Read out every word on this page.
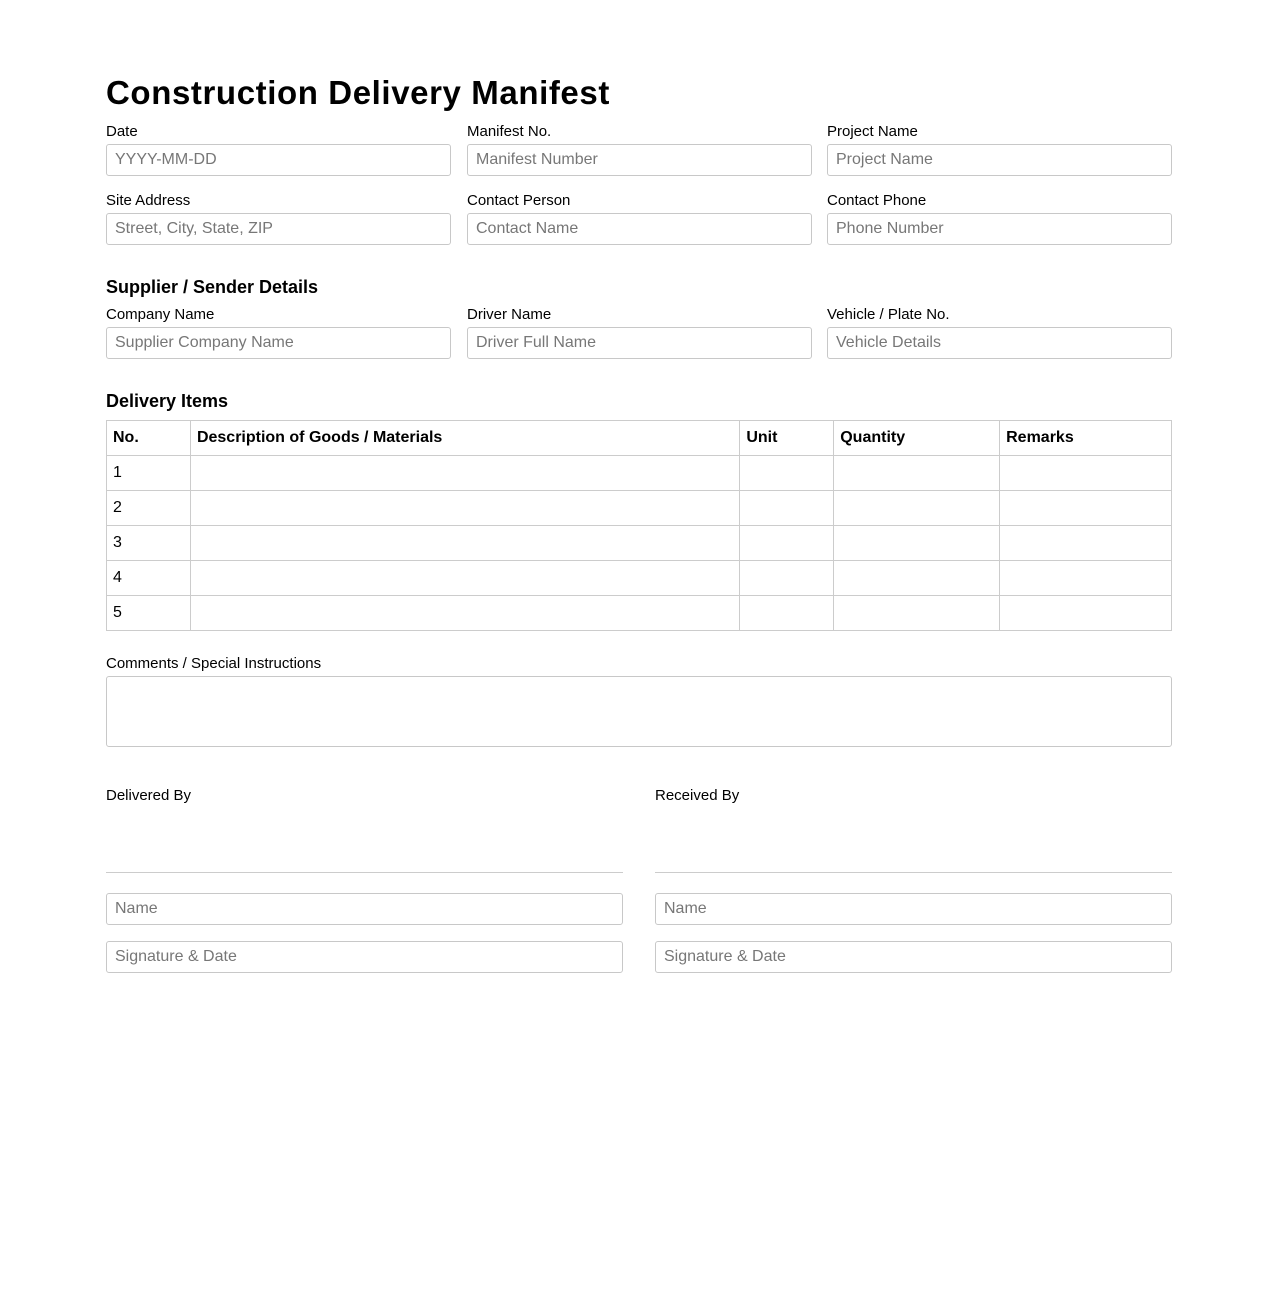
Construction Delivery Manifest
Date
YYYY-MM-DD
Manifest No.
Manifest Number
Project Name
Project Name
Site Address
Street, City, State, ZIP
Contact Person
Contact Name
Contact Phone
Phone Number
Supplier / Sender Details
Company Name
Supplier Company Name
Driver Name
Driver Full Name
Vehicle / Plate No.
Vehicle Details
Delivery Items
No.	Description of Goods / Materials	Unit	Quantity	Remarks
1				
2				
3				
4				
5				
Comments / Special Instructions
Delivered By
Name
Signature & Date
Received By
Name
Signature & Date
